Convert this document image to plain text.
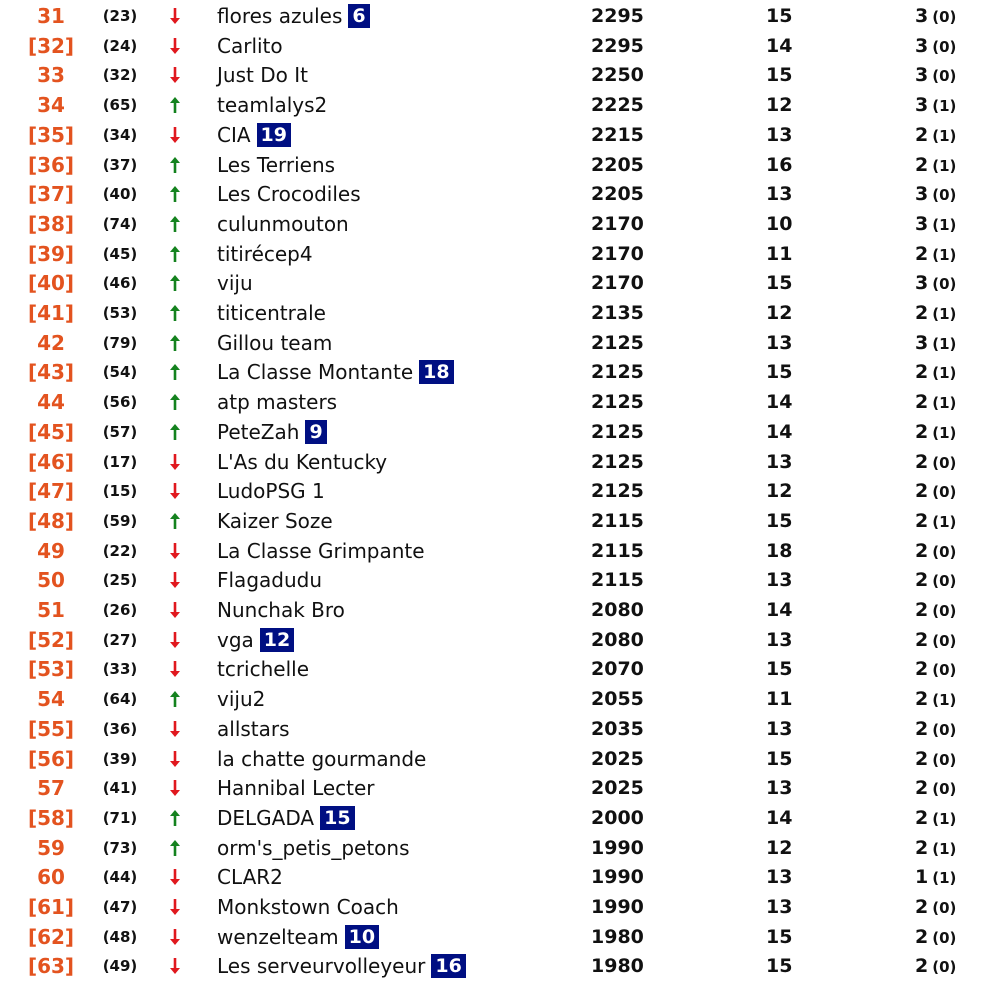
31	(23)	flores azules 6	2295	15	3 (0)
[32]	(24)	Carlito	2295	14	3 (0)
33	(32)	Just Do It	2250	15	3 (0)
34	(65)	teamlalys2	2225	12	3 (1)
[35]	(34)	CIA 19	2215	13	2 (1)
[36]	(37)	Les Terriens	2205	16	2 (1)
[37]	(40)	Les Crocodiles	2205	13	3 (0)
[38]	(74)	culunmouton	2170	10	3 (1)
[39]	(45)	titirécep4	2170	11	2 (1)
[40]	(46)	viju	2170	15	3 (0)
[41]	(53)	titicentrale	2135	12	2 (1)
42	(79)	Gillou team	2125	13	3 (1)
[43]	(54)	La Classe Montante 18	2125	15	2 (1)
44	(56)	atp masters	2125	14	2 (1)
[45]	(57)	PeteZah 9	2125	14	2 (1)
[46]	(17)	L'As du Kentucky	2125	13	2 (0)
[47]	(15)	LudoPSG 1	2125	12	2 (0)
[48]	(59)	Kaizer Soze	2115	15	2 (1)
49	(22)	La Classe Grimpante	2115	18	2 (0)
50	(25)	Flagadudu	2115	13	2 (0)
51	(26)	Nunchak Bro	2080	14	2 (0)
[52]	(27)	vga 12	2080	13	2 (0)
[53]	(33)	tcrichelle	2070	15	2 (0)
54	(64)	viju2	2055	11	2 (1)
[55]	(36)	allstars	2035	13	2 (0)
[56]	(39)	la chatte gourmande	2025	15	2 (0)
57	(41)	Hannibal Lecter	2025	13	2 (0)
[58]	(71)	DELGADA 15	2000	14	2 (1)
59	(73)	orm's_petis_petons	1990	12	2 (1)
60	(44)	CLAR2	1990	13	1 (1)
[61]	(47)	Monkstown Coach	1990	13	2 (0)
[62]	(48)	wenzelteam 10	1980	15	2 (0)
[63]	(49)	Les serveurvolleyeur 16	1980	15	2 (0)
